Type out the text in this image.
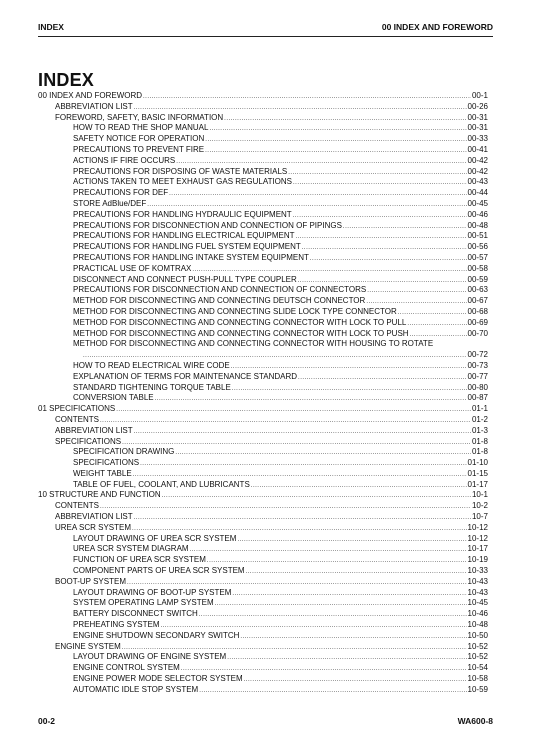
INDEX	00 INDEX AND FOREWORD
INDEX
00 INDEX AND FOREWORD .....	00-1
ABBREVIATION LIST .....	00-26
FOREWORD, SAFETY, BASIC INFORMATION .....	00-31
HOW TO READ THE SHOP MANUAL .....	00-31
SAFETY NOTICE FOR OPERATION .....	00-33
PRECAUTIONS TO PREVENT FIRE .....	00-41
ACTIONS IF FIRE OCCURS .....	00-42
PRECAUTIONS FOR DISPOSING OF WASTE MATERIALS .....	00-42
ACTIONS TAKEN TO MEET EXHAUST GAS REGULATIONS .....	00-43
PRECAUTIONS FOR DEF .....	00-44
STORE AdBlue/DEF .....	00-45
PRECAUTIONS FOR HANDLING HYDRAULIC EQUIPMENT .....	00-46
PRECAUTIONS FOR DISCONNECTION AND CONNECTION OF PIPINGS .....	00-48
PRECAUTIONS FOR HANDLING ELECTRICAL EQUIPMENT .....	00-51
PRECAUTIONS FOR HANDLING FUEL SYSTEM EQUIPMENT .....	00-56
PRECAUTIONS FOR HANDLING INTAKE SYSTEM EQUIPMENT .....	00-57
PRACTICAL USE OF KOMTRAX .....	00-58
DISCONNECT AND CONNECT PUSH-PULL TYPE COUPLER .....	00-59
PRECAUTIONS FOR DISCONNECTION AND CONNECTION OF CONNECTORS .....	00-63
METHOD FOR DISCONNECTING AND CONNECTING DEUTSCH CONNECTOR .....	00-67
METHOD FOR DISCONNECTING AND CONNECTING SLIDE LOCK TYPE CONNECTOR .....	00-68
METHOD FOR DISCONNECTING AND CONNECTING CONNECTOR WITH LOCK TO PULL .....	00-69
METHOD FOR DISCONNECTING AND CONNECTING CONNECTOR WITH LOCK TO PUSH .....	00-70
METHOD FOR DISCONNECTING AND CONNECTING CONNECTOR WITH HOUSING TO ROTATE
.....
00-72
HOW TO READ ELECTRICAL WIRE CODE .....	00-73
EXPLANATION OF TERMS FOR MAINTENANCE STANDARD .....	00-77
STANDARD TIGHTENING TORQUE TABLE .....	00-80
CONVERSION TABLE .....	00-87
01 SPECIFICATIONS .....	01-1
CONTENTS .....	01-2
ABBREVIATION LIST .....	01-3
SPECIFICATIONS .....	01-8
SPECIFICATION DRAWING .....	01-8
SPECIFICATIONS .....	01-10
WEIGHT TABLE .....	01-15
TABLE OF FUEL, COOLANT, AND LUBRICANTS .....	01-17
10 STRUCTURE AND FUNCTION .....	10-1
CONTENTS .....	10-2
ABBREVIATION LIST .....	10-7
UREA SCR SYSTEM .....	10-12
LAYOUT DRAWING OF UREA SCR SYSTEM .....	10-12
UREA SCR SYSTEM DIAGRAM .....	10-17
FUNCTION OF UREA SCR SYSTEM .....	10-19
COMPONENT PARTS OF UREA SCR SYSTEM .....	10-33
BOOT-UP SYSTEM .....	10-43
LAYOUT DRAWING OF BOOT-UP SYSTEM .....	10-43
SYSTEM OPERATING LAMP SYSTEM .....	10-45
BATTERY DISCONNECT SWITCH .....	10-46
PREHEATING SYSTEM .....	10-48
ENGINE SHUTDOWN SECONDARY SWITCH .....	10-50
ENGINE SYSTEM .....	10-52
LAYOUT DRAWING OF ENGINE SYSTEM .....	10-52
ENGINE CONTROL SYSTEM .....	10-54
ENGINE POWER MODE SELECTOR SYSTEM .....	10-58
AUTOMATIC IDLE STOP SYSTEM .....	10-59
00-2	WA600-8
